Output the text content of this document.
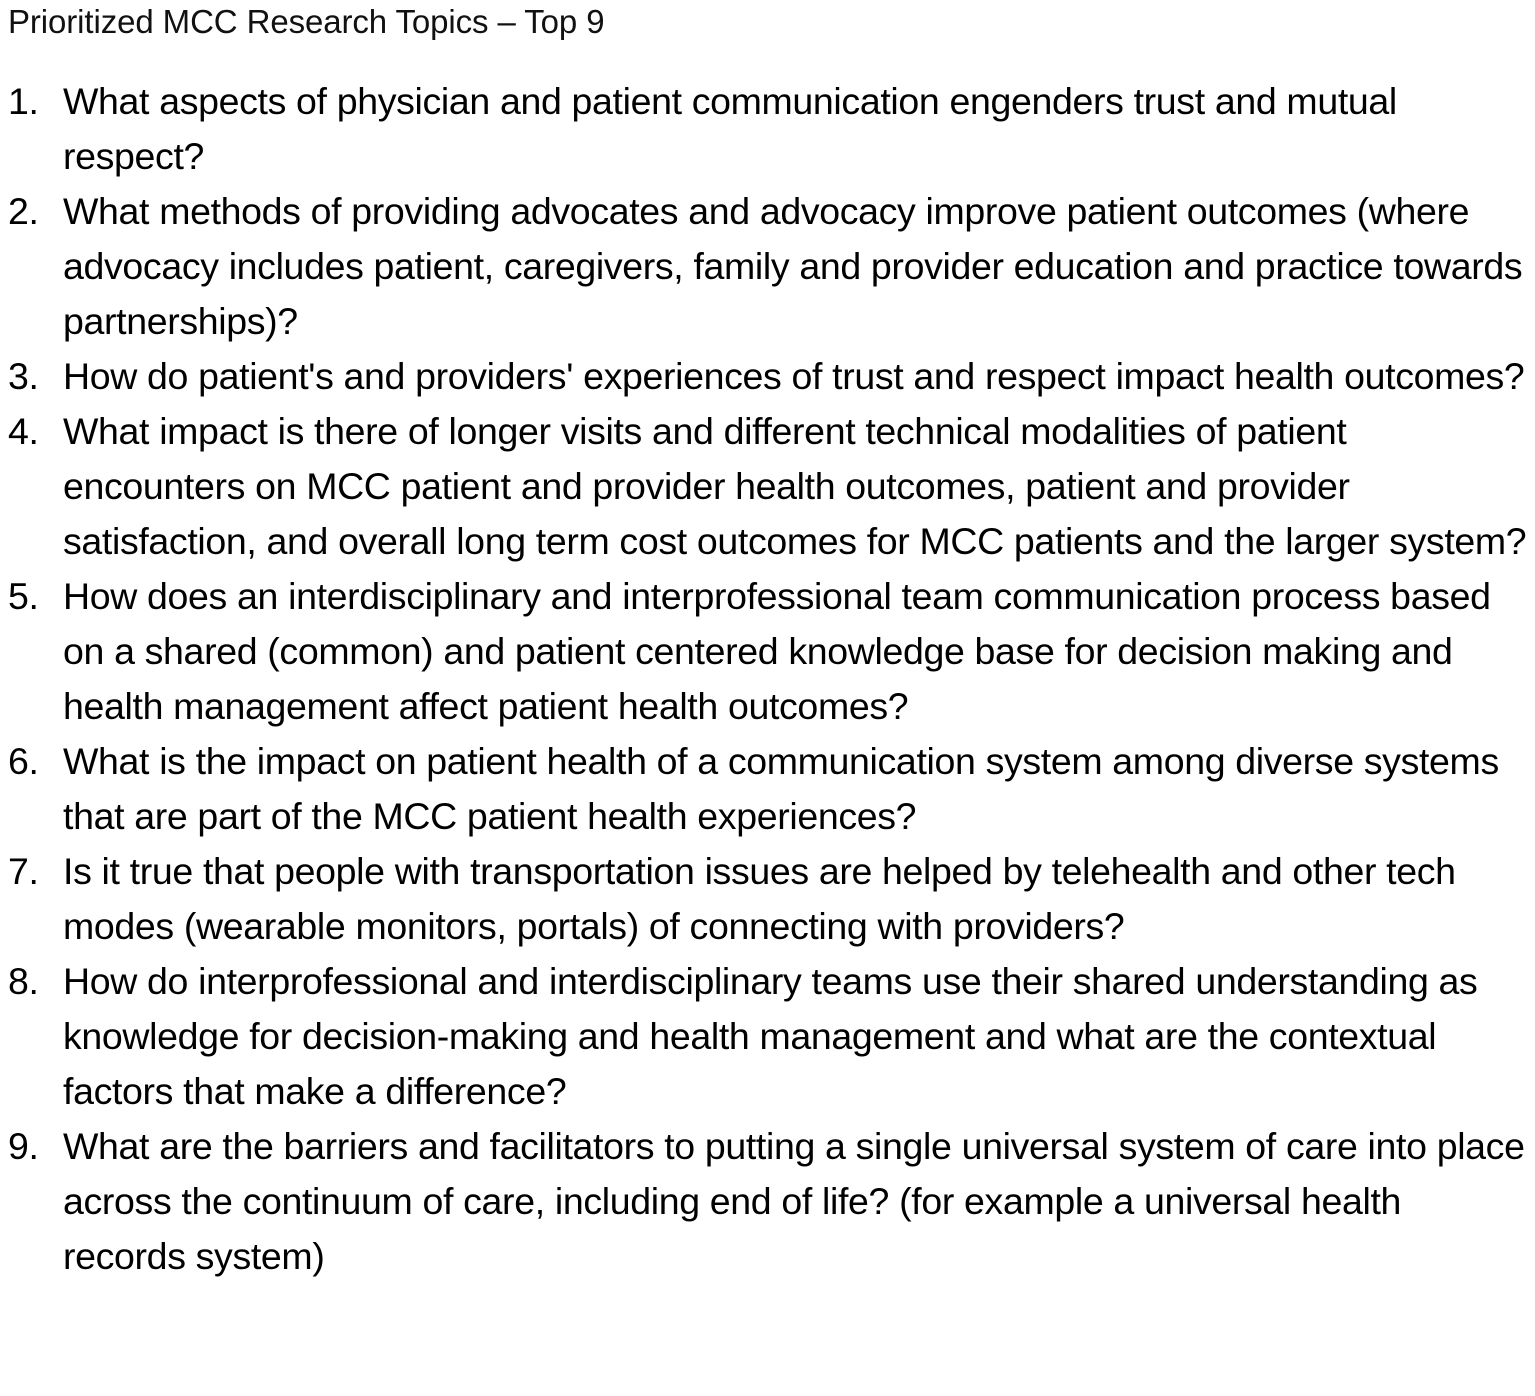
Prioritized MCC Research Topics – Top 9
1. What aspects of physician and patient communication engenders trust and mutual respect?
2. What methods of providing advocates and advocacy improve patient outcomes (where advocacy includes patient, caregivers, family and provider education and practice towards partnerships)?
3. How do patient's and providers' experiences of trust and respect impact health outcomes?
4. What impact is there of longer visits and different technical modalities of patient encounters on MCC patient and provider health outcomes, patient and provider satisfaction, and overall long term cost outcomes for MCC patients and the larger system?
5. How does an interdisciplinary and interprofessional team communication process based on a shared (common) and patient centered knowledge base for decision making and health management affect patient health outcomes?
6. What is the impact on patient health of a communication system among diverse systems that are part of the MCC patient health experiences?
7. Is it true that people with transportation issues are helped by telehealth and other tech modes (wearable monitors, portals) of connecting with providers?
8. How do interprofessional and interdisciplinary teams use their shared understanding as knowledge for decision-making and health management and what are the contextual factors that make a difference?
9. What are the barriers and facilitators to putting a single universal system of care into place across the continuum of care, including end of life? (for example a universal health records system)
